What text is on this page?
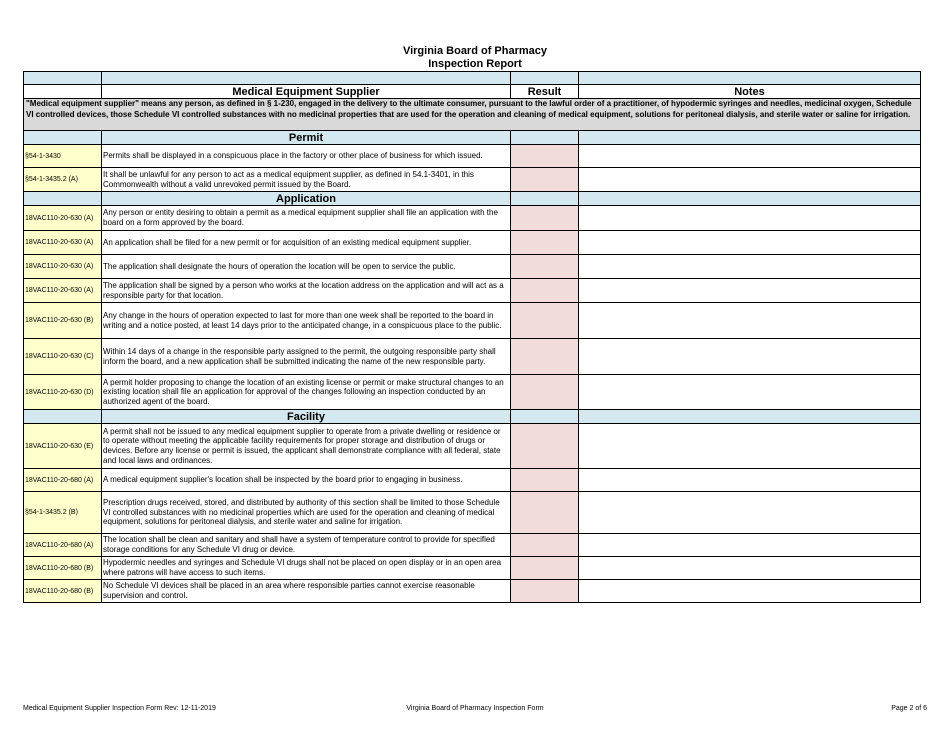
Virginia Board of Pharmacy
Inspection Report

	Medical Equipment Supplier	Result	Notes
"Medical equipment supplier" means any person, as defined in § 1-230, engaged in the delivery to the ultimate consumer, pursuant to the lawful order of a practitioner, of hypodermic syringes and needles, medicinal oxygen, Schedule VI controlled devices, those Schedule VI controlled substances with no medicinal properties that are used for the operation and cleaning of medical equipment, solutions for peritoneal dialysis, and sterile water or saline for irrigation.			
	Permit		
§54-1-3430	Permits shall be displayed in a conspicuous place in the factory or other place of business for which issued.		
§54-1-3435.2 (A)	It shall be unlawful for any person to act as a medical equipment supplier, as defined in 54.1-3401, in this Commonwealth without a valid unrevoked permit issued by the Board.		
	Application		
18VAC110-20-630 (A)	Any person or entity desiring to obtain a permit as a medical equipment supplier shall file an application with the board on a form approved by the board.		
18VAC110-20-630 (A)	An application shall be filed for a new permit or for acquisition of an existing medical equipment supplier.		
18VAC110-20-630 (A)	The application shall designate the hours of operation the location will be open to service the public.		
18VAC110-20-630 (A)	The application shall be signed by a person who works at the location address on the application and will act as a responsible party for that location.		
18VAC110-20-630 (B)	Any change in the hours of operation expected to last for more than one week shall be reported to the board in writing and a notice posted, at least 14 days prior to the anticipated change, in a conspicuous place to the public.		
18VAC110-20-630 (C)	Within 14 days of a change in the responsible party assigned to the permit, the outgoing responsible party shall inform the board, and a new application shall be submitted indicating the name of the new responsible party.		
18VAC110-20-630 (D)	A permit holder proposing to change the location of an existing license or permit or make structural changes to an existing location shall file an application for approval of the changes following an inspection conducted by an authorized agent of the board.		
	Facility		
18VAC110-20-630 (E)	A permit shall not be issued to any medical equipment supplier to operate from a private dwelling or residence or to operate without meeting the applicable facility requirements for proper storage and distribution of drugs or devices. Before any license or permit is issued, the applicant shall demonstrate compliance with all federal, state and local laws and ordinances.		
18VAC110-20-680 (A)	A medical equipment supplier's location shall be inspected by the board prior to engaging in business.		
§54-1-3435.2 (B)	Prescription drugs received, stored, and distributed by authority of this section shall be limited to those Schedule VI controlled substances with no medicinal properties which are used for the operation and cleaning of medical equipment, solutions for peritoneal dialysis, and sterile water and saline for irrigation.		
18VAC110-20-680 (A)	The location shall be clean and sanitary and shall have a system of temperature control to provide for specified storage conditions for any Schedule VI drug or device.		
18VAC110-20-680 (B)	Hypodermic needles and syringes and Schedule VI drugs shall not be placed on open display or in an open area where patrons will have access to such items.		
18VAC110-20-680 (B)	No Schedule VI devices shall be placed in an area where responsible parties cannot exercise reasonable supervision and control.		
Medical Equipment Supplier Inspection Form Rev: 12-11-2019	Virginia Board of Pharmacy Inspection Form	Page 2 of 6
